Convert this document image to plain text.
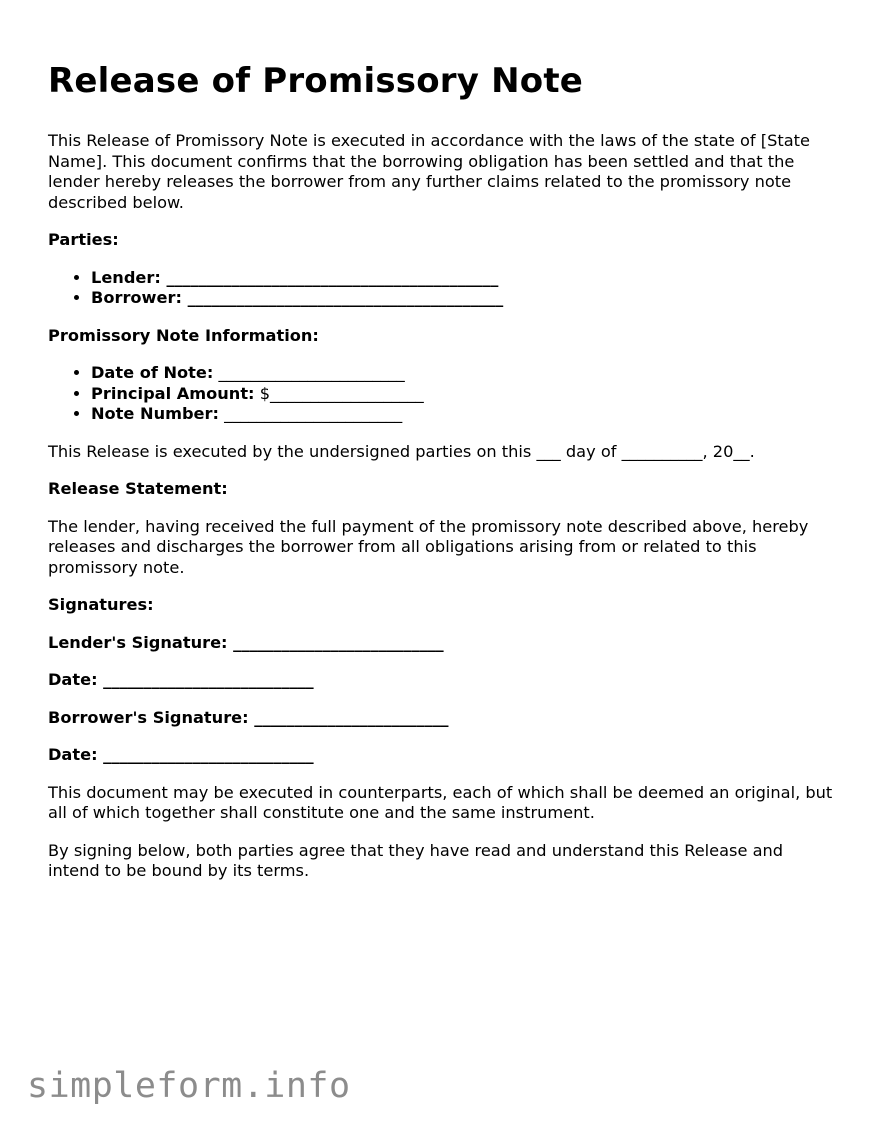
Release of Promissory Note

This Release of Promissory Note is executed in accordance with the laws of the state of [State Name]. This document confirms that the borrowing obligation has been settled and that the lender hereby releases the borrower from any further claims related to the promissory note described below.

Parties:

• Lender: _________________________________________
• Borrower: _______________________________________

Promissory Note Information:

• Date of Note: _______________________
• Principal Amount: $___________________
• Note Number: ______________________

This Release is executed by the undersigned parties on this ___ day of __________, 20__.

Release Statement:

The lender, having received the full payment of the promissory note described above, hereby releases and discharges the borrower from all obligations arising from or related to this promissory note.

Signatures:

Lender's Signature: __________________________

Date: __________________________

Borrower's Signature: ________________________

Date: __________________________

This document may be executed in counterparts, each of which shall be deemed an original, but all of which together shall constitute one and the same instrument.

By signing below, both parties agree that they have read and understand this Release and intend to be bound by its terms.

simpleform.info
